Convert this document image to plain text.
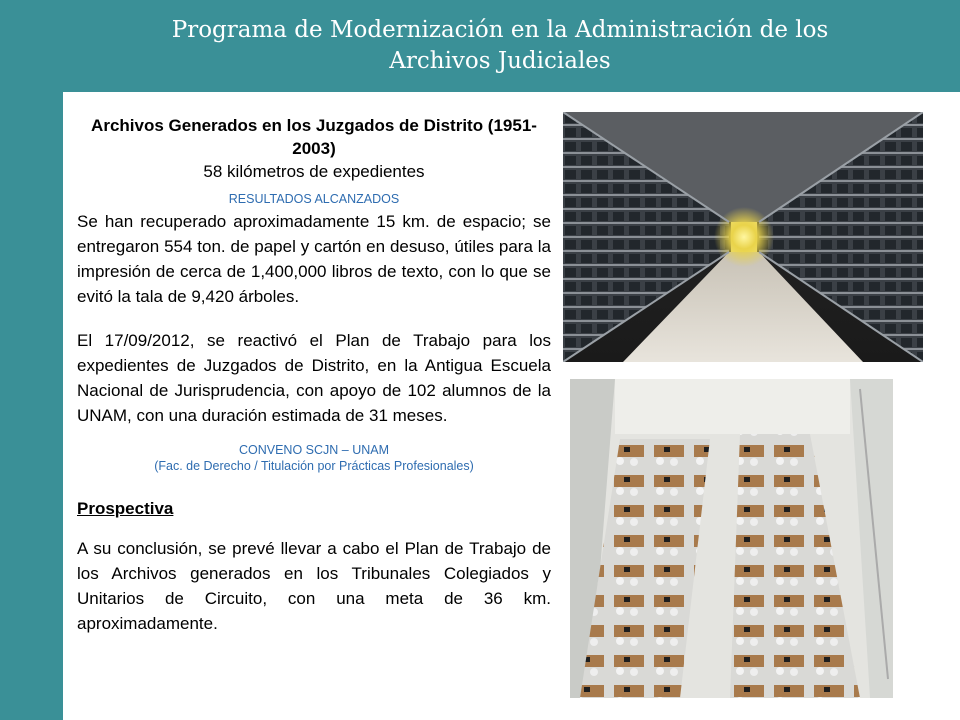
Programa de Modernización en la Administración de los
Archivos Judiciales

Archivos Generados en los Juzgados de Distrito (1951-2003)

58 kilómetros de expedientes

RESULTADOS ALCANZADOS

Se han recuperado aproximadamente 15 km. de espacio; se entregaron 554 ton. de papel y cartón en desuso, útiles para la impresión de cerca de 1,400,000 libros de texto, con lo que se evitó la tala de 9,420 árboles.

El 17/09/2012, se reactivó el Plan de Trabajo para los expedientes de Juzgados de Distrito, en la Antigua Escuela Nacional de Jurisprudencia, con apoyo de 102 alumnos de la UNAM, con una duración estimada de 31 meses.

CONVENO SCJN – UNAM

(Fac. de Derecho / Titulación por Prácticas Profesionales)

Prospectiva

A su conclusión, se prevé llevar a cabo el Plan de Trabajo de los Archivos generados en los Tribunales Colegiados y Unitarios de Circuito, con una meta de 36 km. aproximadamente.
